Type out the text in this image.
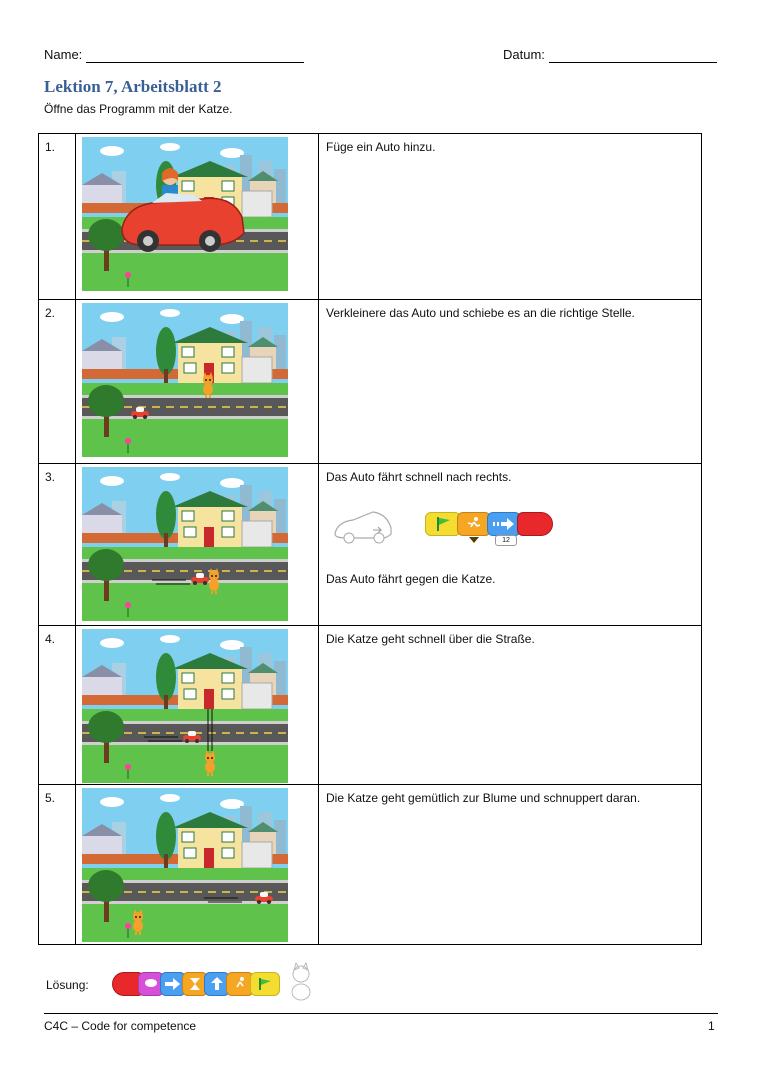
Name:	Datum:
Lektion 7, Arbeitsblatt 2
Öffne das Programm mit der Katze.
1.		Füge ein Auto hinzu.
2.		Verkleinere das Auto und schiebe es an die richtige Stelle.
3.		Das Auto fährt schnell nach rechts.
12
Das Auto fährt gegen die Katze.

4.		Die Katze geht schnell über die Straße.
5.		Die Katze geht gemütlich zur Blume und schnuppert daran.
Lösung:
C4C – Code for competence	1
